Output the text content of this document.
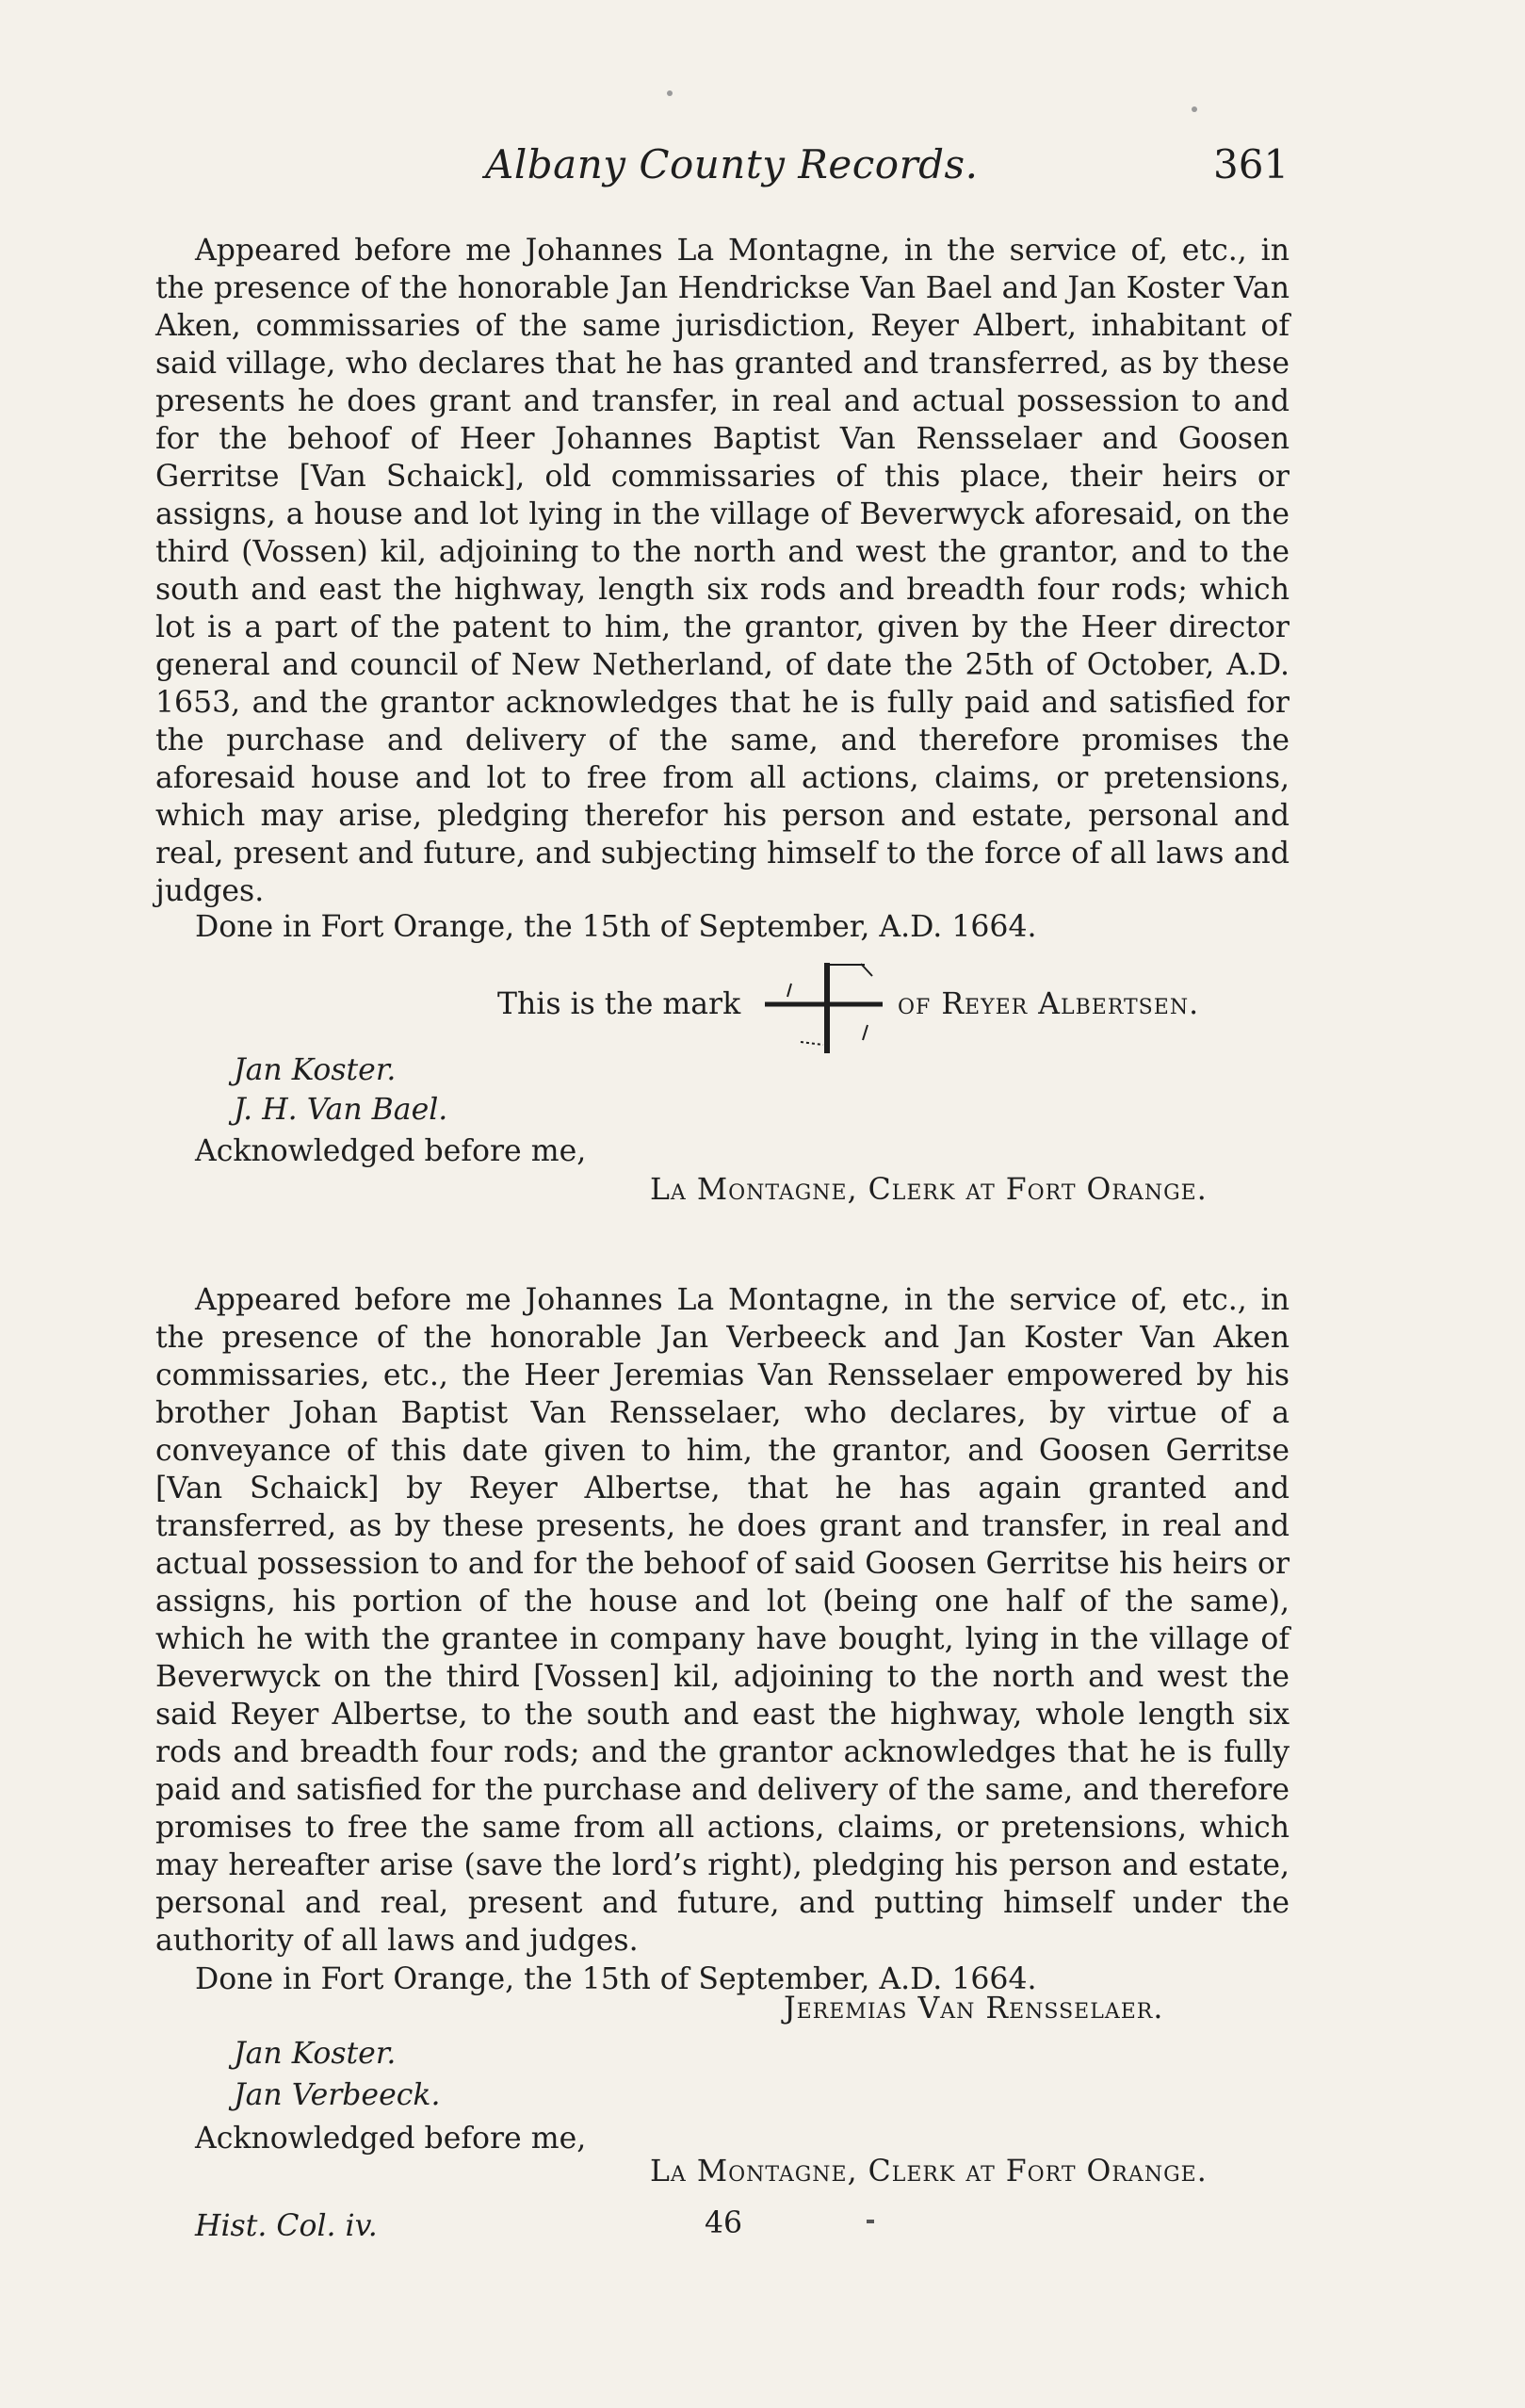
Albany County Records.	361
Appeared before me Johannes La Montagne, in the service of, etc., in the presence of the honorable Jan Hendrickse Van Bael and Jan Koster Van Aken, commissaries of the same jurisdiction, Reyer Albert, inhabitant of said village, who declares that he has granted and transferred, as by these presents he does grant and transfer, in real and actual possession to and for the behoof of Heer Johannes Baptist Van Rensselaer and Goosen Gerritse [Van Schaick], old commissaries of this place, their heirs or assigns, a house and lot lying in the village of Beverwyck aforesaid, on the third (Vossen) kil, adjoining to the north and west the grantor, and to the south and east the highway, length six rods and breadth four rods; which lot is a part of the patent to him, the grantor, given by the Heer director general and council of New Netherland, of date the 25th of October, A.D. 1653, and the grantor acknowledges that he is fully paid and satisfied for the purchase and delivery of the same, and therefore promises the aforesaid house and lot to free from all actions, claims, or pretensions, which may arise, pledging therefor his person and estate, personal and real, present and future, and subjecting himself to the force of all laws and judges.
Done in Fort Orange, the 15th of September, A.D. 1664.
This is the mark	of Reyer Albertsen.
Jan Koster.
J. H. Van Bael.
Acknowledged before me,
La Montagne, Clerk at Fort Orange.
Appeared before me Johannes La Montagne, in the service of, etc., in the presence of the honorable Jan Verbeeck and Jan Koster Van Aken commissaries, etc., the Heer Jeremias Van Rensselaer empowered by his brother Johan Baptist Van Rensselaer, who declares, by virtue of a conveyance of this date given to him, the grantor, and Goosen Gerritse [Van Schaick] by Reyer Albertse, that he has again granted and transferred, as by these presents, he does grant and transfer, in real and actual possession to and for the behoof of said Goosen Gerritse his heirs or assigns, his portion of the house and lot (being one half of the same), which he with the grantee in company have bought, lying in the village of Beverwyck on the third [Vossen] kil, adjoining to the north and west the said Reyer Albertse, to the south and east the highway, whole length six rods and breadth four rods; and the grantor acknowledges that he is fully paid and satisfied for the purchase and delivery of the same, and therefore promises to free the same from all actions, claims, or pretensions, which may hereafter arise (save the lord’s right), pledging his person and estate, personal and real, present and future, and putting himself under the authority of all laws and judges.
Done in Fort Orange, the 15th of September, A.D. 1664.
Jeremias Van Rensselaer.
Jan Koster.
Jan Verbeeck.
Acknowledged before me,
La Montagne, Clerk at Fort Orange.
Hist. Col. iv.	46
